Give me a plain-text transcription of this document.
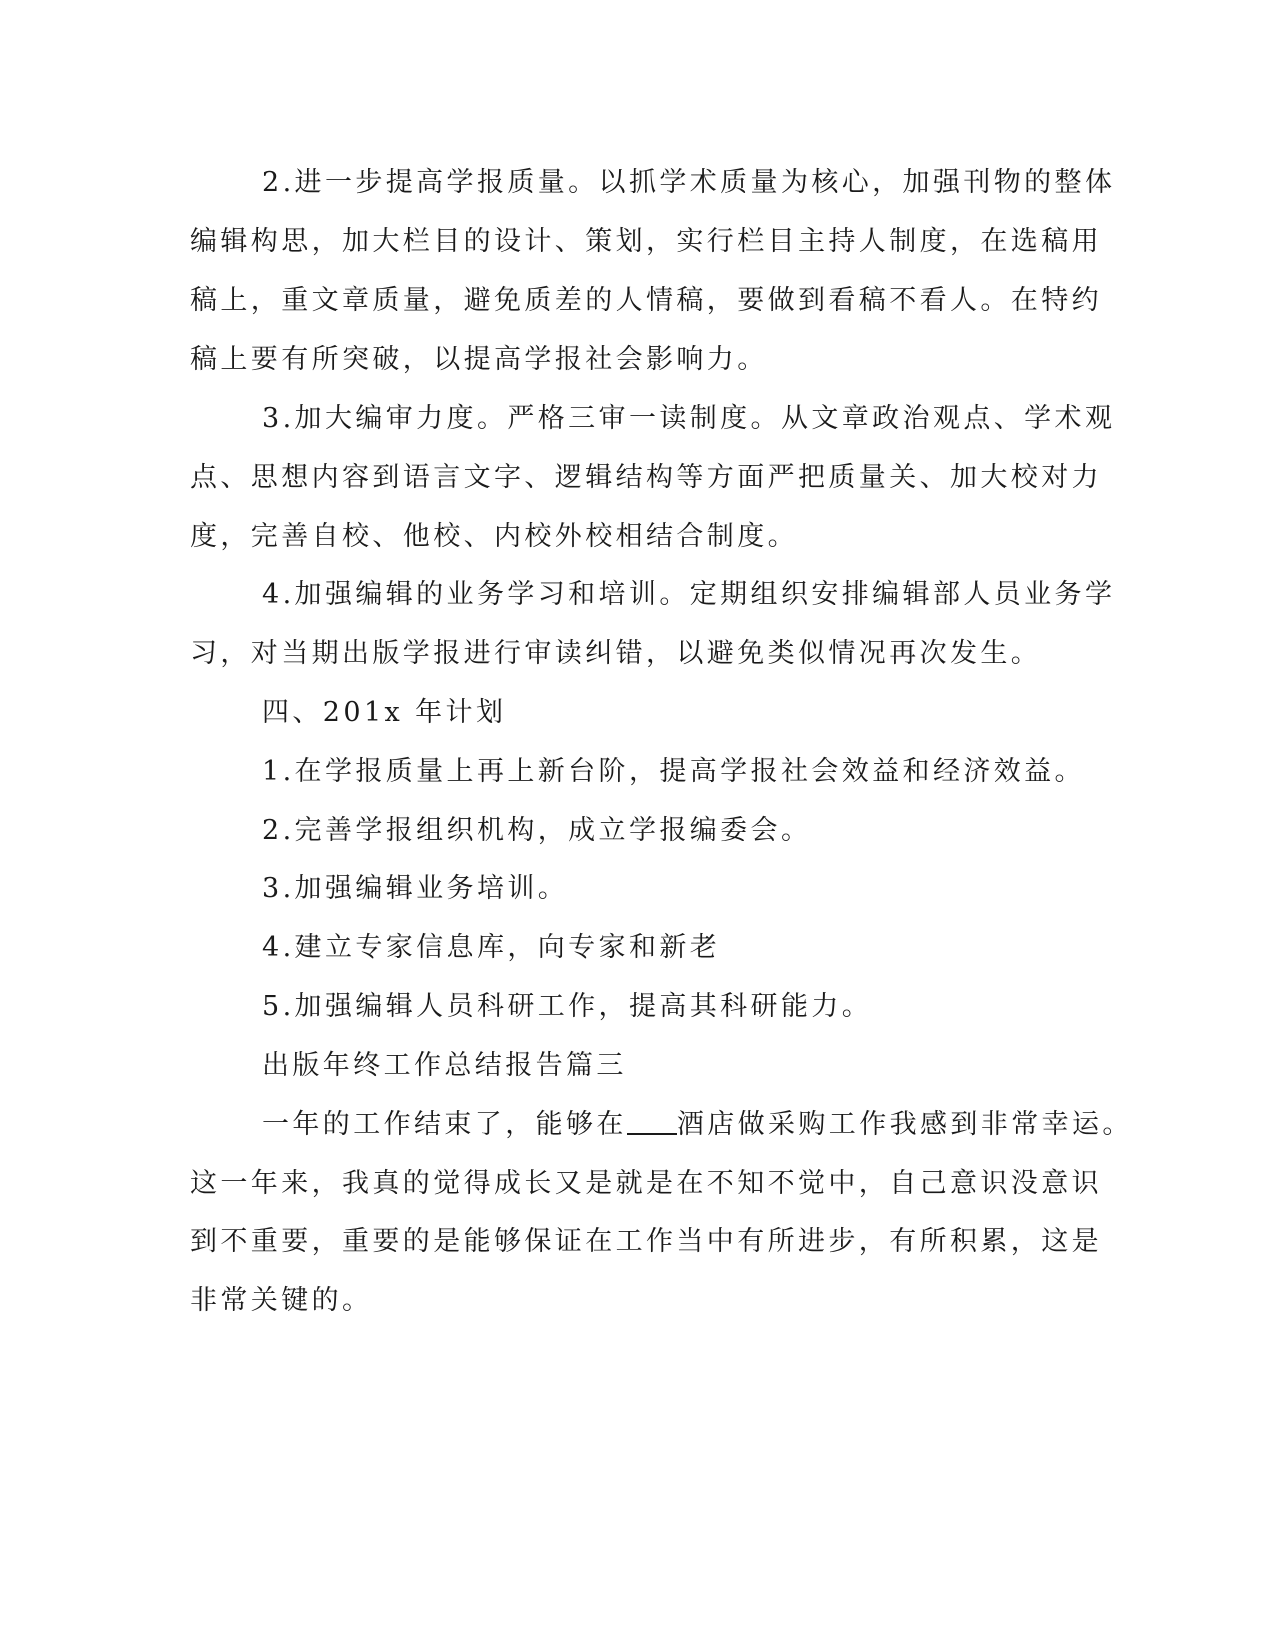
2.进一步提高学报质量。以抓学术质量为核心，加强刊物的整体
编辑构思，加大栏目的设计、策划，实行栏目主持人制度，在选稿用
稿上，重文章质量，避免质差的人情稿，要做到看稿不看人。在特约
稿上要有所突破，以提高学报社会影响力。
3.加大编审力度。严格三审一读制度。从文章政治观点、学术观
点、思想内容到语言文字、逻辑结构等方面严把质量关、加大校对力
度，完善自校、他校、内校外校相结合制度。
4.加强编辑的业务学习和培训。定期组织安排编辑部人员业务学
习，对当期出版学报进行审读纠错，以避免类似情况再次发生。
四、201x 年计划
1.在学报质量上再上新台阶，提高学报社会效益和经济效益。
2.完善学报组织机构，成立学报编委会。
3.加强编辑业务培训。
4.建立专家信息库，向专家和新老
5.加强编辑人员科研工作，提高其科研能力。
出版年终工作总结报告篇三
一年的工作结束了，能够在 酒店做采购工作我感到非常幸运。
这一年来，我真的觉得成长又是就是在不知不觉中，自己意识没意识
到不重要，重要的是能够保证在工作当中有所进步，有所积累，这是
非常关键的。
